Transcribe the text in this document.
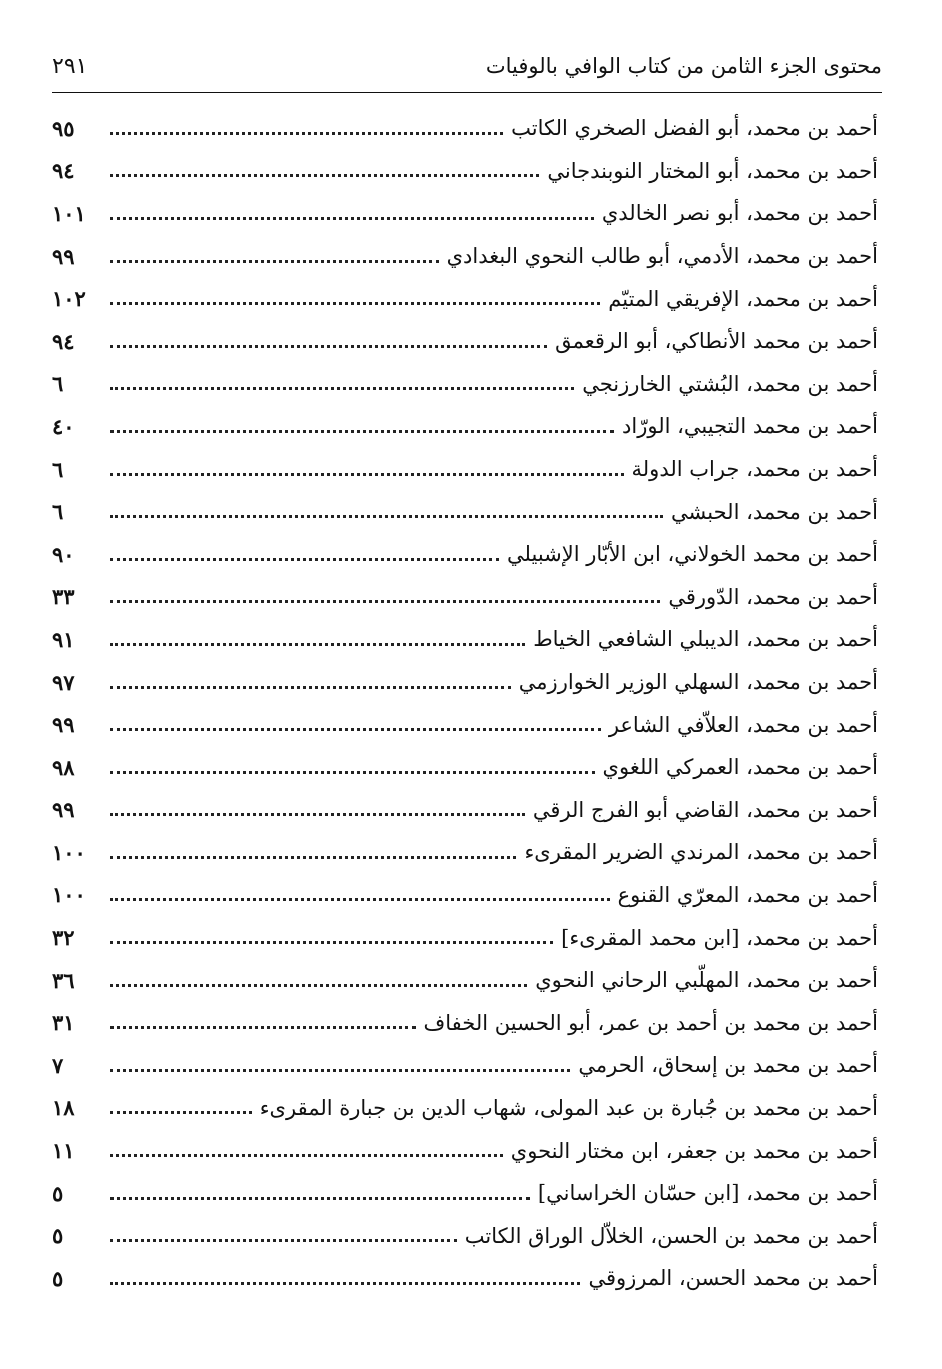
محتوى الجزء الثامن من كتاب الوافي بالوفيات
٢٩١
أحمد بن محمد، أبو الفضل الصخري الكاتب
٩٥
أحمد بن محمد، أبو المختار النوبندجاني
٩٤
أحمد بن محمد، أبو نصر الخالدي
١٠١
أحمد بن محمد، الأدمي، أبو طالب النحوي البغدادي
٩٩
أحمد بن محمد، الإفريقي المتيّم
١٠٢
أحمد بن محمد الأنطاكي، أبو الرقعمق
٩٤
أحمد بن محمد، البُشتي الخارزنجي
٦
أحمد بن محمد التجيبي، الورّاد
٤٠
أحمد بن محمد، جراب الدولة
٦
أحمد بن محمد، الحبشي
٦
أحمد بن محمد الخولاني، ابن الأبّار الإشبيلي
٩٠
أحمد بن محمد، الدّورقي
٣٣
أحمد بن محمد، الديبلي الشافعي الخياط
٩١
أحمد بن محمد، السهلي الوزير الخوارزمي
٩٧
أحمد بن محمد، العلاّفي الشاعر
٩٩
أحمد بن محمد، العمركي اللغوي
٩٨
أحمد بن محمد، القاضي أبو الفرج الرقي
٩٩
أحمد بن محمد، المرندي الضرير المقرىء
١٠٠
أحمد بن محمد، المعرّي القنوع
١٠٠
أحمد بن محمد، [ابن محمد المقرىء]
٣٢
أحمد بن محمد، المهلّبي الرحاني النحوي
٣٦
أحمد بن محمد بن أحمد بن عمر، أبو الحسين الخفاف
٣١
أحمد بن محمد بن إسحاق، الحرمي
٧
أحمد بن محمد بن جُبارة بن عبد المولى، شهاب الدين بن جبارة المقرىء
١٨
أحمد بن محمد بن جعفر، ابن مختار النحوي
١١
أحمد بن محمد، [ابن حسّان الخراساني]
٥
أحمد بن محمد بن الحسن، الخلاّل الوراق الكاتب
٥
أحمد بن محمد الحسن، المرزوقي
٥
